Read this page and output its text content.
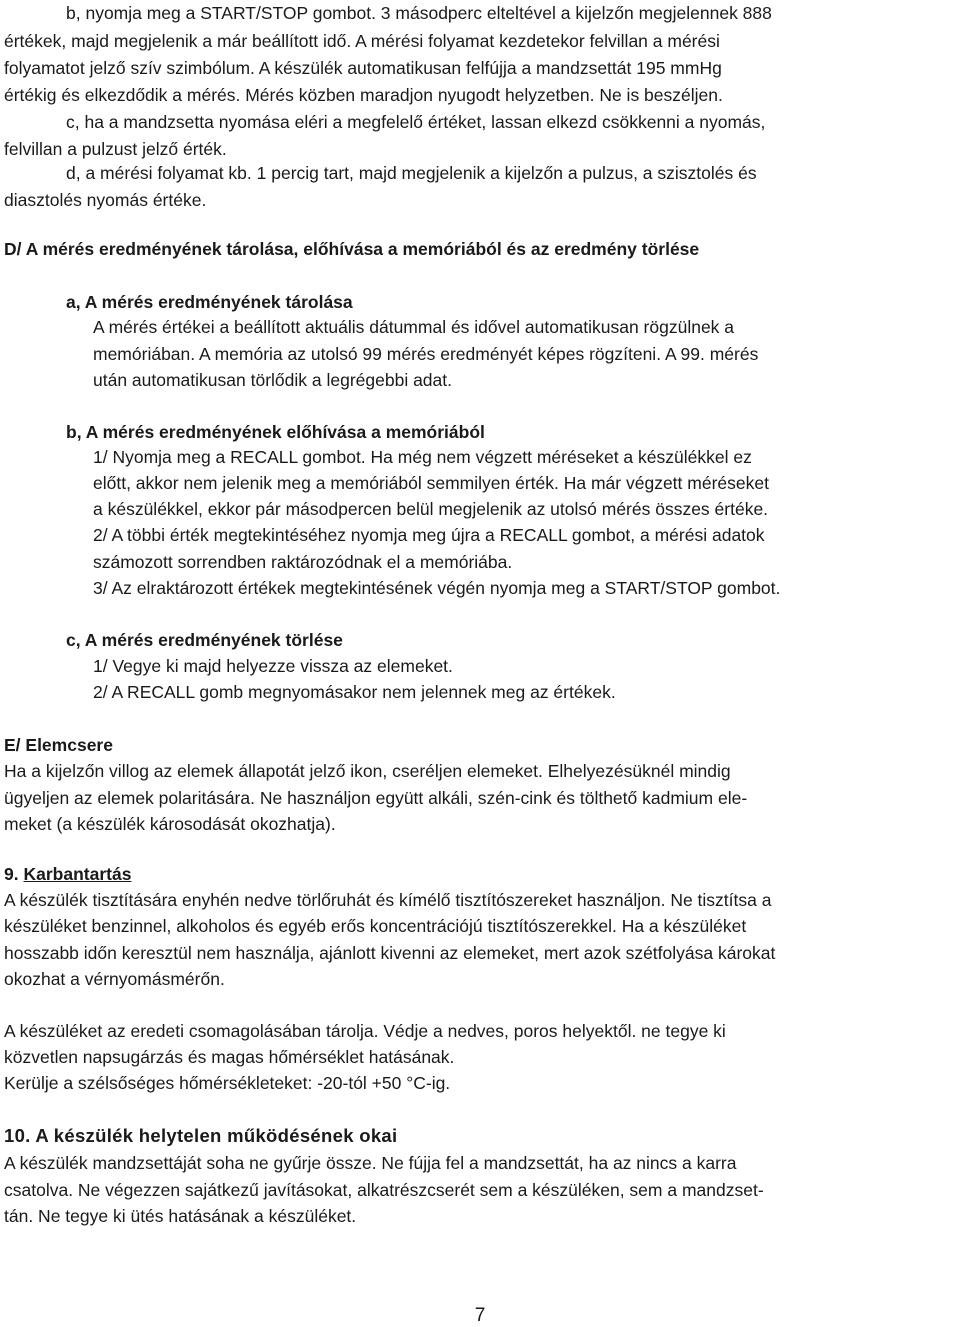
b, nyomja meg a START/STOP gombot. 3 másodperc elteltével a kijelzőn megjelennek 888
értékek, majd megjelenik a már beállított idő. A mérési folyamat kezdetekor felvillan a mérési
folyamatot jelző szív szimbólum. A készülék automatikusan felfújja a mandzsettát 195 mmHg
értékig és elkezdődik a mérés. Mérés közben maradjon nyugodt helyzetben. Ne is beszéljen.
c, ha a mandzsetta nyomása eléri a megfelelő értéket, lassan elkezd csökkenni a nyomás,
felvillan a pulzust jelző érték.
d, a mérési folyamat kb. 1 percig tart, majd megjelenik a kijelzőn a pulzus, a szisztolés és
diasztolés nyomás értéke.
D/ A mérés eredményének tárolása, előhívása a memóriából és az eredmény törlése
a, A mérés eredményének tárolása
A mérés értékei a beállított aktuális dátummal és idővel automatikusan rögzülnek a
memóriában. A memória az utolsó 99 mérés eredményét képes rögzíteni. A 99. mérés
után automatikusan törlődik a legrégebbi adat.
b, A mérés eredményének előhívása a memóriából
1/ Nyomja meg a RECALL gombot. Ha még nem végzett méréseket a készülékkel ez
előtt, akkor nem jelenik meg a memóriából semmilyen érték. Ha már végzett méréseket
a készülékkel, ekkor pár másodpercen belül megjelenik az utolsó mérés összes értéke.
2/ A többi érték megtekintéséhez nyomja meg újra a RECALL gombot, a mérési adatok
számozott sorrendben raktározódnak el a memóriába.
3/ Az elraktározott értékek megtekintésének végén nyomja meg a START/STOP gombot.
c, A mérés eredményének törlése
1/ Vegye ki majd helyezze vissza az elemeket.
2/ A RECALL gomb megnyomásakor nem jelennek meg az értékek.
E/ Elemcsere
Ha a kijelzőn villog az elemek állapotát jelző ikon, cseréljen elemeket. Elhelyezésüknél mindig
ügyeljen az elemek polaritására. Ne használjon együtt alkáli, szén-cink és tölthető kadmium ele-
meket (a készülék károsodását okozhatja).
9. Karbantartás
A készülék tisztítására enyhén nedve törlőruhát és kímélő tisztítószereket használjon. Ne tisztítsa a
készüléket benzinnel, alkoholos és egyéb erős koncentrációjú tisztítószerekkel. Ha a készüléket
hosszabb időn keresztül nem használja, ajánlott kivenni az elemeket, mert azok szétfolyása károkat
okozhat a vérnyomásmérőn.
A készüléket az eredeti csomagolásában tárolja. Védje a nedves, poros helyektől. ne tegye ki
közvetlen napsugárzás és magas hőmérséklet hatásának.
Kerülje a szélsőséges hőmérsékleteket: -20-tól +50 °C-ig.
10. A készülék helytelen működésének okai
A készülék mandzsettáját soha ne gyűrje össze. Ne fújja fel a mandzsettát, ha az nincs a karra
csatolva. Ne végezzen sajátkezű javításokat, alkatrészcserét sem a készüléken, sem a mandzset-
tán. Ne tegye ki ütés hatásának a készüléket.
7
